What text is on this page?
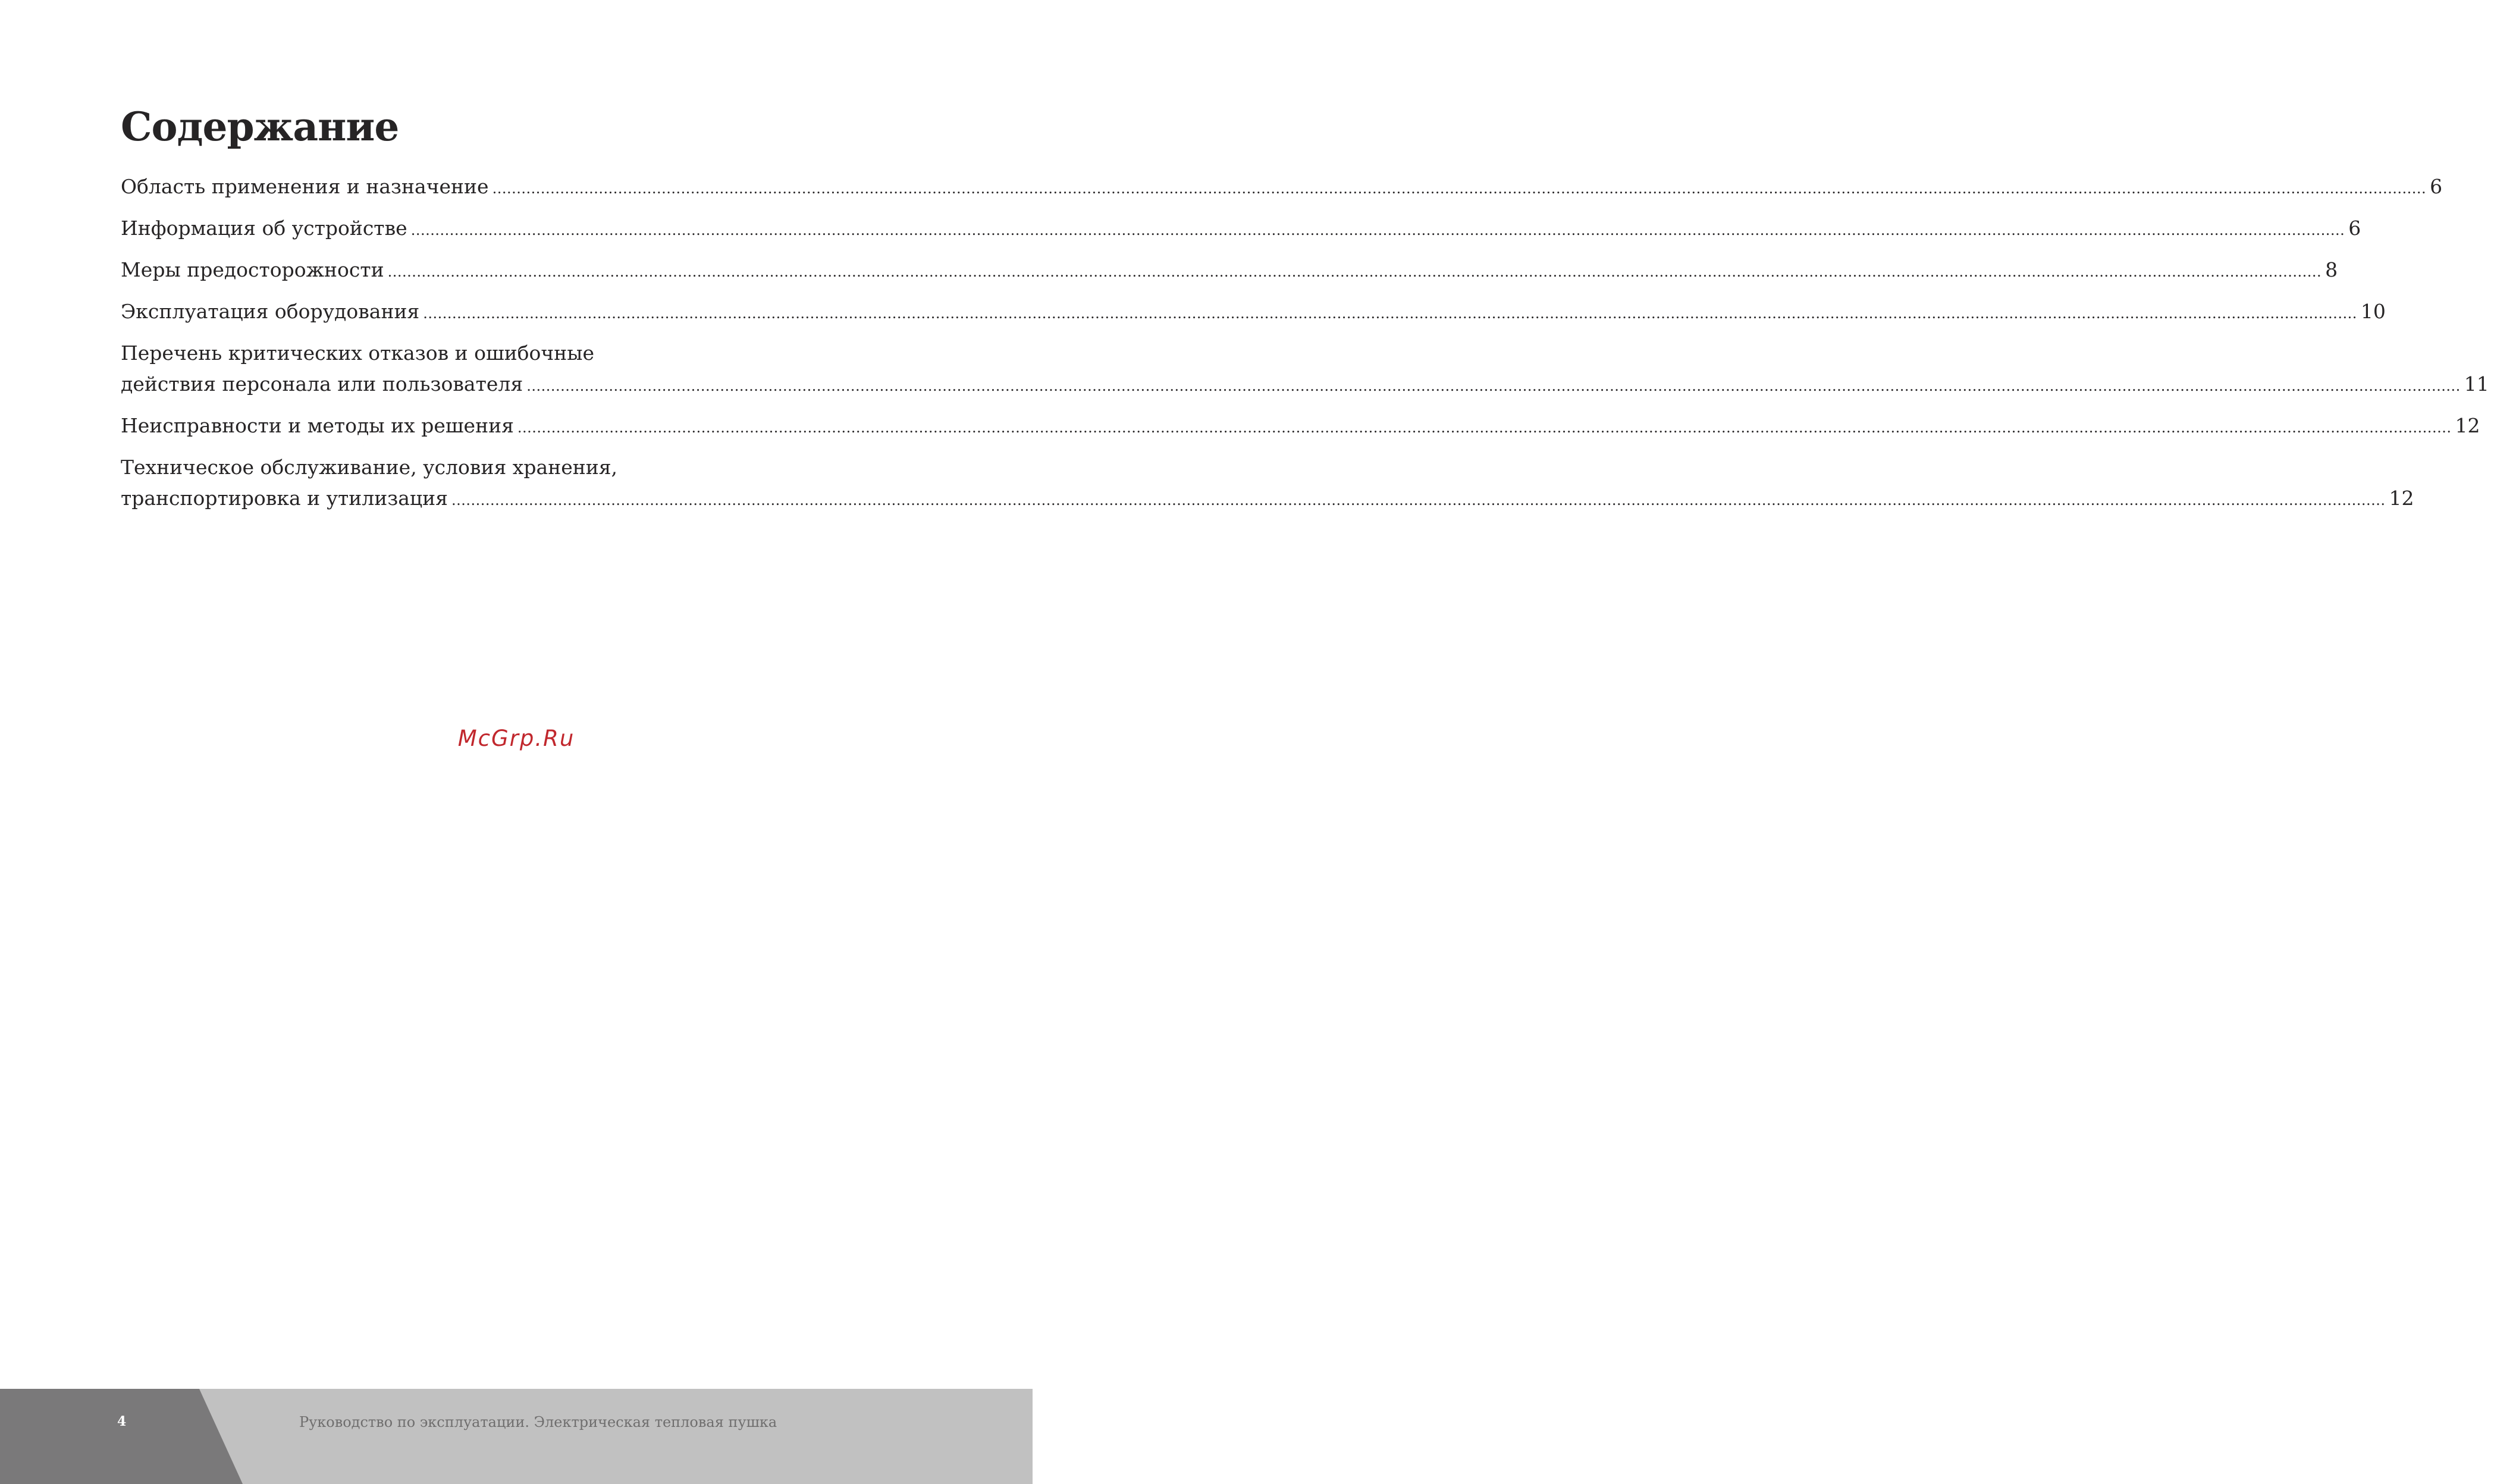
Содержание
Область применения и назначение ................................................................................................................................................................................................................................................................................................................................................................................................................ 6
Информация об устройстве ................................................................................................................................................................................................................................................................................................................................................................................................................ 6
Меры предосторожности ................................................................................................................................................................................................................................................................................................................................................................................................................ 8
Эксплуатация оборудования ................................................................................................................................................................................................................................................................................................................................................................................................................ 10
Перечень критических отказов и ошибочные
действия персонала или пользователя ................................................................................................................................................................................................................................................................................................................................................................................................................ 11
Неисправности и методы их решения ................................................................................................................................................................................................................................................................................................................................................................................................................ 12
Техническое обслуживание, условия хранения,
транспортировка и утилизация ................................................................................................................................................................................................................................................................................................................................................................................................................ 12
McGrp.Ru
4	Руководство по эксплуатации. Электрическая тепловая пушка
